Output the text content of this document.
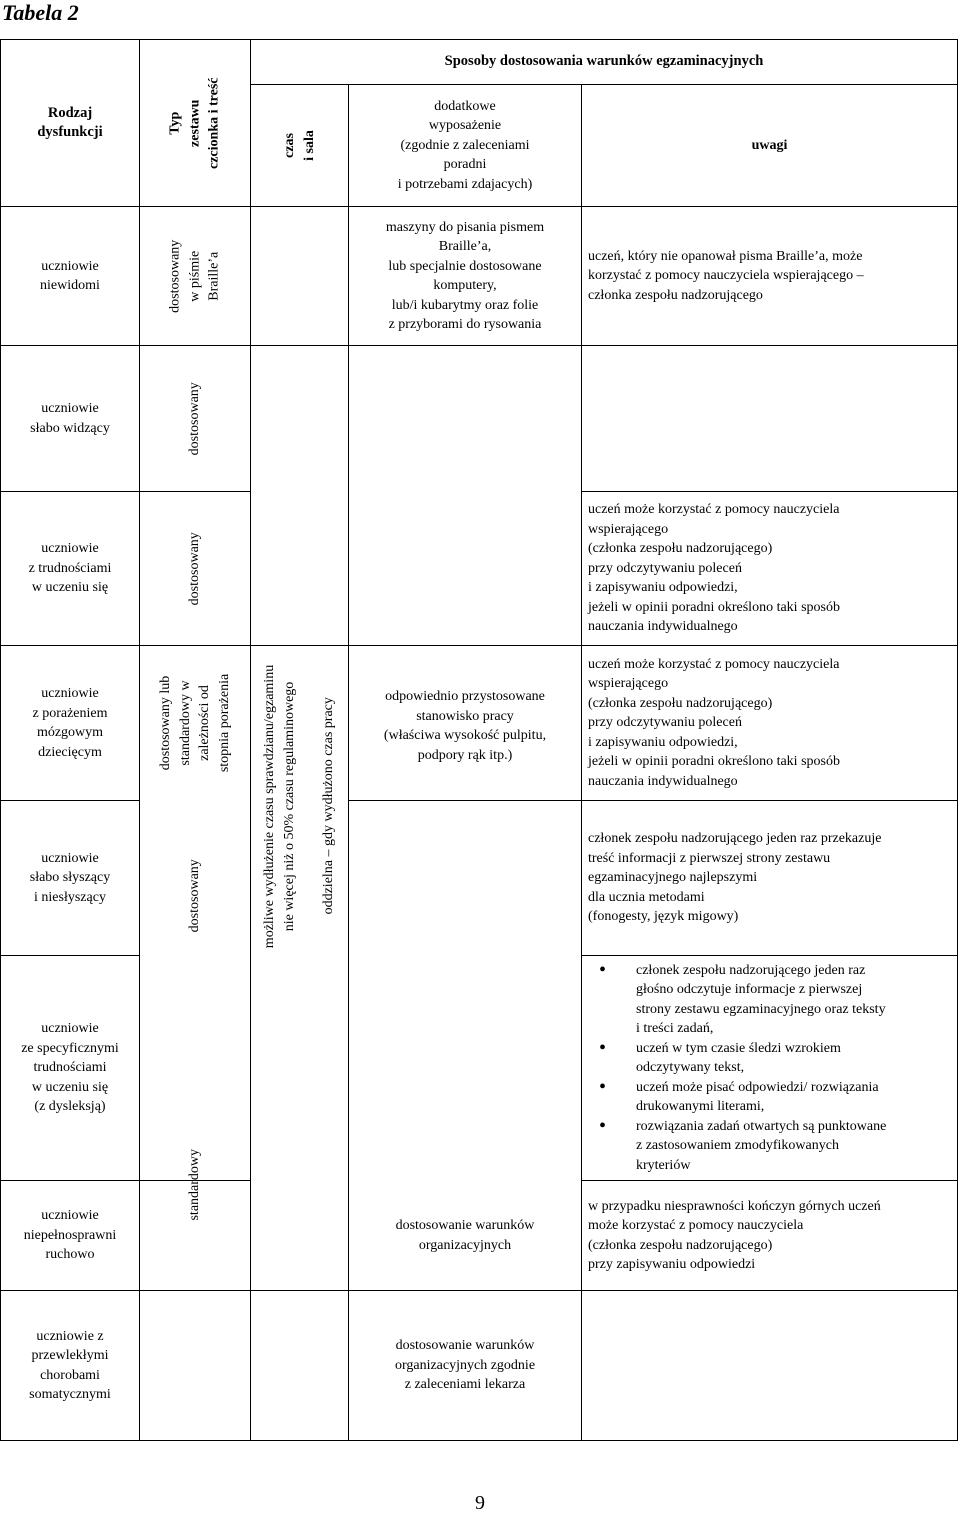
Tabela 2
Rodzaj
dysfunkcji	Typ
zestawu
czcionka i treść
Sposoby dostosowania warunków egzaminacyjnych
czas
i sala
dodatkowe
wyposażenie
(zgodnie z zaleceniami
poradni
i potrzebami zdajacych)
uwagi
uczniowie
niewidomi
uczniowie
słabo widzący
uczniowie
z trudnościami
w uczeniu się
uczniowie
z porażeniem
mózgowym
dziecięcym
uczniowie
słabo słyszący
i niesłyszący
uczniowie
ze specyficznymi
trudnościami
w uczeniu się
(z dysleksją)
uczniowie
niepełnosprawni
ruchowo
uczniowie z
przewlekłymi
chorobami
somatycznymi
dostosowany
w piśmie
Braille’a
dostosowany
dostosowany
dostosowany lub
standardowy w
zależności od
stopnia porażenia
dostosowany
standardowy
możliwe wydłużenie czasu sprawdzianu/egzaminu
nie więcej niż o 50% czasu regulaminowego oddzielna – gdy wydłużono czas pracy
maszyny do pisania pismem
Braille’a,
lub specjalnie dostosowane
komputery,
lub/i kubarytmy oraz folie
z przyborami do rysowania
odpowiednio przystosowane
stanowisko pracy
(właściwa wysokość pulpitu,
podpory rąk itp.)
dostosowanie warunków
organizacyjnych
dostosowanie warunków
organizacyjnych zgodnie
z zaleceniami lekarza
uczeń, który nie opanował pisma Braille’a, może
korzystać z pomocy nauczyciela wspierającego –
członka zespołu nadzorującego
uczeń może korzystać z pomocy nauczyciela
wspierającego
(członka zespołu nadzorującego)
przy odczytywaniu poleceń
i zapisywaniu odpowiedzi,
jeżeli w opinii poradni określono taki sposób
nauczania indywidualnego
uczeń może korzystać z pomocy nauczyciela
wspierającego
(członka zespołu nadzorującego)
przy odczytywaniu poleceń
i zapisywaniu odpowiedzi,
jeżeli w opinii poradni określono taki sposób
nauczania indywidualnego
członek zespołu nadzorującego jeden raz przekazuje
treść informacji z pierwszej strony zestawu
egzaminacyjnego najlepszymi
dla ucznia metodami
(fonogesty, język migowy)
• członek zespołu nadzorującego jeden raz
głośno odczytuje informacje z pierwszej
strony zestawu egzaminacyjnego oraz teksty
i treści zadań,
• uczeń w tym czasie śledzi wzrokiem
odczytywany tekst,
• uczeń może pisać odpowiedzi/ rozwiązania
drukowanymi literami,
• rozwiązania zadań otwartych są punktowane
z zastosowaniem zmodyfikowanych
kryteriów
w przypadku niesprawności kończyn górnych uczeń
może korzystać z pomocy nauczyciela
(członka zespołu nadzorującego)
przy zapisywaniu odpowiedzi
9
